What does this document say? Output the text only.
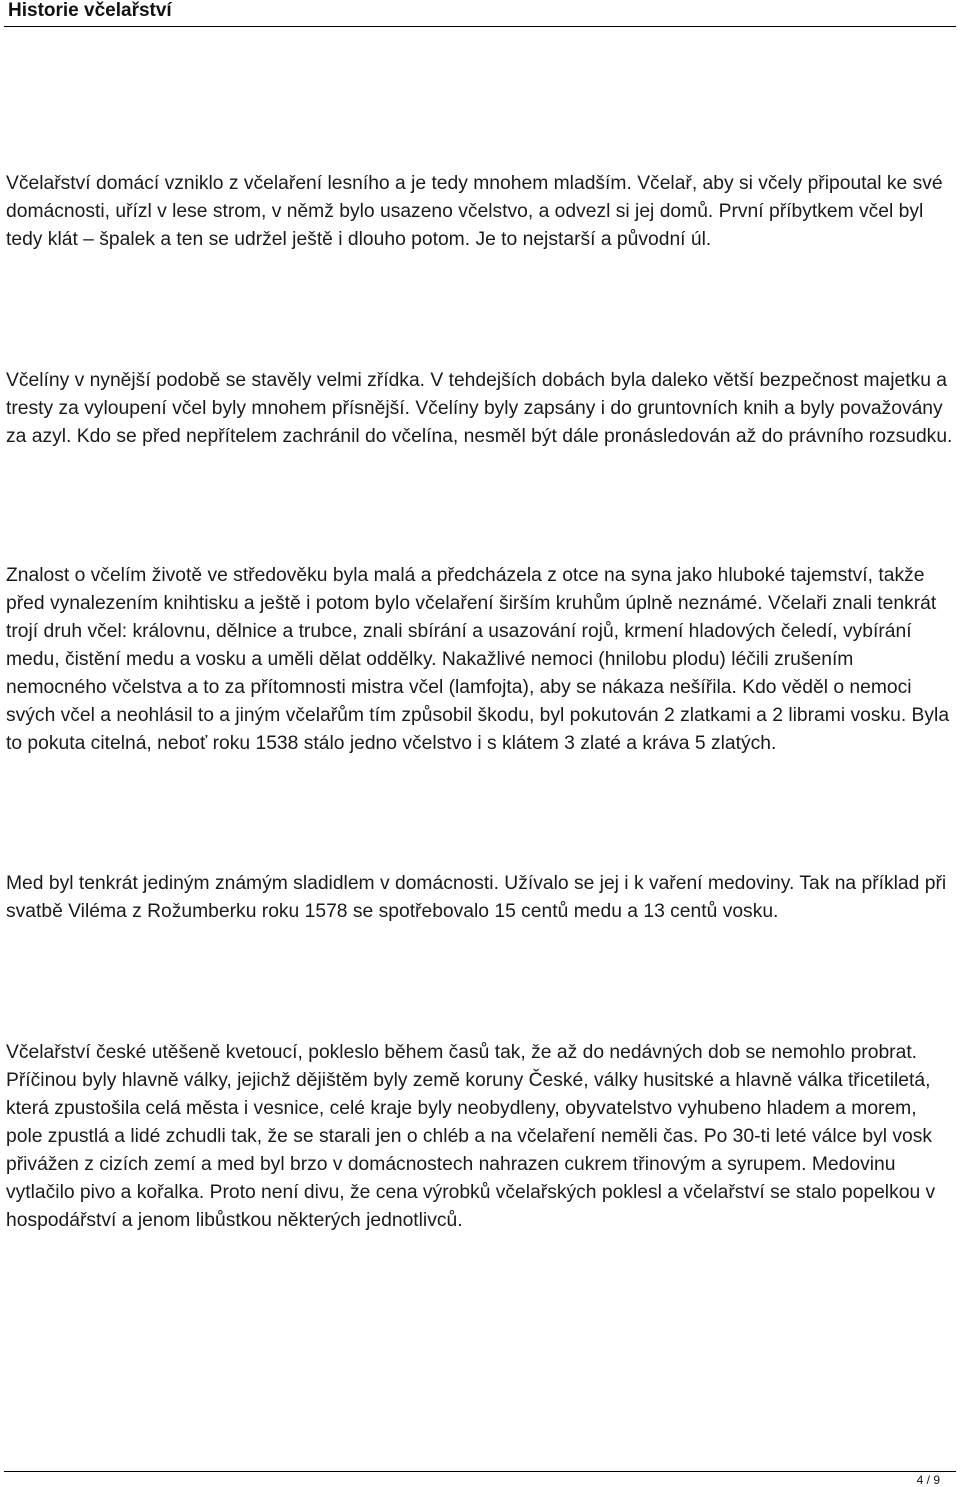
Historie včelařství

Včelařství domácí vzniklo z včelaření lesního a je tedy mnohem mladším. Včelař, aby si včely připoutal ke své domácnosti, uřízl v lese strom, v němž bylo usazeno včelstvo, a odvezl si jej domů. První příbytkem včel byl tedy klát – špalek a ten se udržel ještě i dlouho potom. Je to nejstarší a původní úl.

Včelíny v nynější podobě se stavěly velmi zřídka. V tehdejších dobách byla daleko větší bezpečnost majetku a tresty za vyloupení včel byly mnohem přísnější. Včelíny byly zapsány i do gruntovních knih a byly považovány za azyl. Kdo se před nepřítelem zachránil do včelína, nesměl být dále pronásledován až do právního rozsudku.

Znalost o včelím životě ve středověku byla malá a předcházela z otce na syna jako hluboké tajemství, takže před vynalezením knihtisku a ještě i potom bylo včelaření širším kruhům úplně neznámé. Včelaři znali tenkrát trojí druh včel: královnu, dělnice a trubce, znali sbírání a usazování rojů, krmení hladových čeledí, vybírání medu, čistění medu a vosku a uměli dělat oddělky. Nakažlivé nemoci (hnilobu plodu) léčili zrušením nemocného včelstva a to za přítomnosti mistra včel (lamfojta), aby se nákaza nešířila. Kdo věděl o nemoci svých včel a neohlásil to a jiným včelařům tím způsobil škodu, byl pokutován 2 zlatkami a 2 librami vosku. Byla to pokuta citelná, neboť roku 1538 stálo jedno včelstvo i s klátem 3 zlaté a kráva 5 zlatých.

Med byl tenkrát jediným známým sladidlem v domácnosti. Užívalo se jej i k vaření medoviny. Tak na příklad při svatbě Viléma z Rožumberku roku 1578 se spotřebovalo 15 centů medu a 13 centů vosku.

Včelařství české utěšeně kvetoucí, pokleslo během časů tak, že až do nedávných dob se nemohlo probrat. Příčinou byly hlavně války, jejichž dějištěm byly země koruny České, války husitské a hlavně válka třicetiletá, která zpustošila celá města i vesnice, celé kraje byly neobydleny, obyvatelstvo vyhubeno hladem a morem, pole zpustlá a lidé zchudli tak, že se starali jen o chléb a na včelaření neměli čas. Po 30-ti leté válce byl vosk přivážen z cizích zemí a med byl brzo v domácnostech nahrazen cukrem třinovým a syrupem. Medovinu vytlačilo pivo a kořalka. Proto není divu, že cena výrobků včelařských poklesl a včelařství se stalo popelkou v hospodářství a jenom libůstkou některých jednotlivců.

4 / 9
